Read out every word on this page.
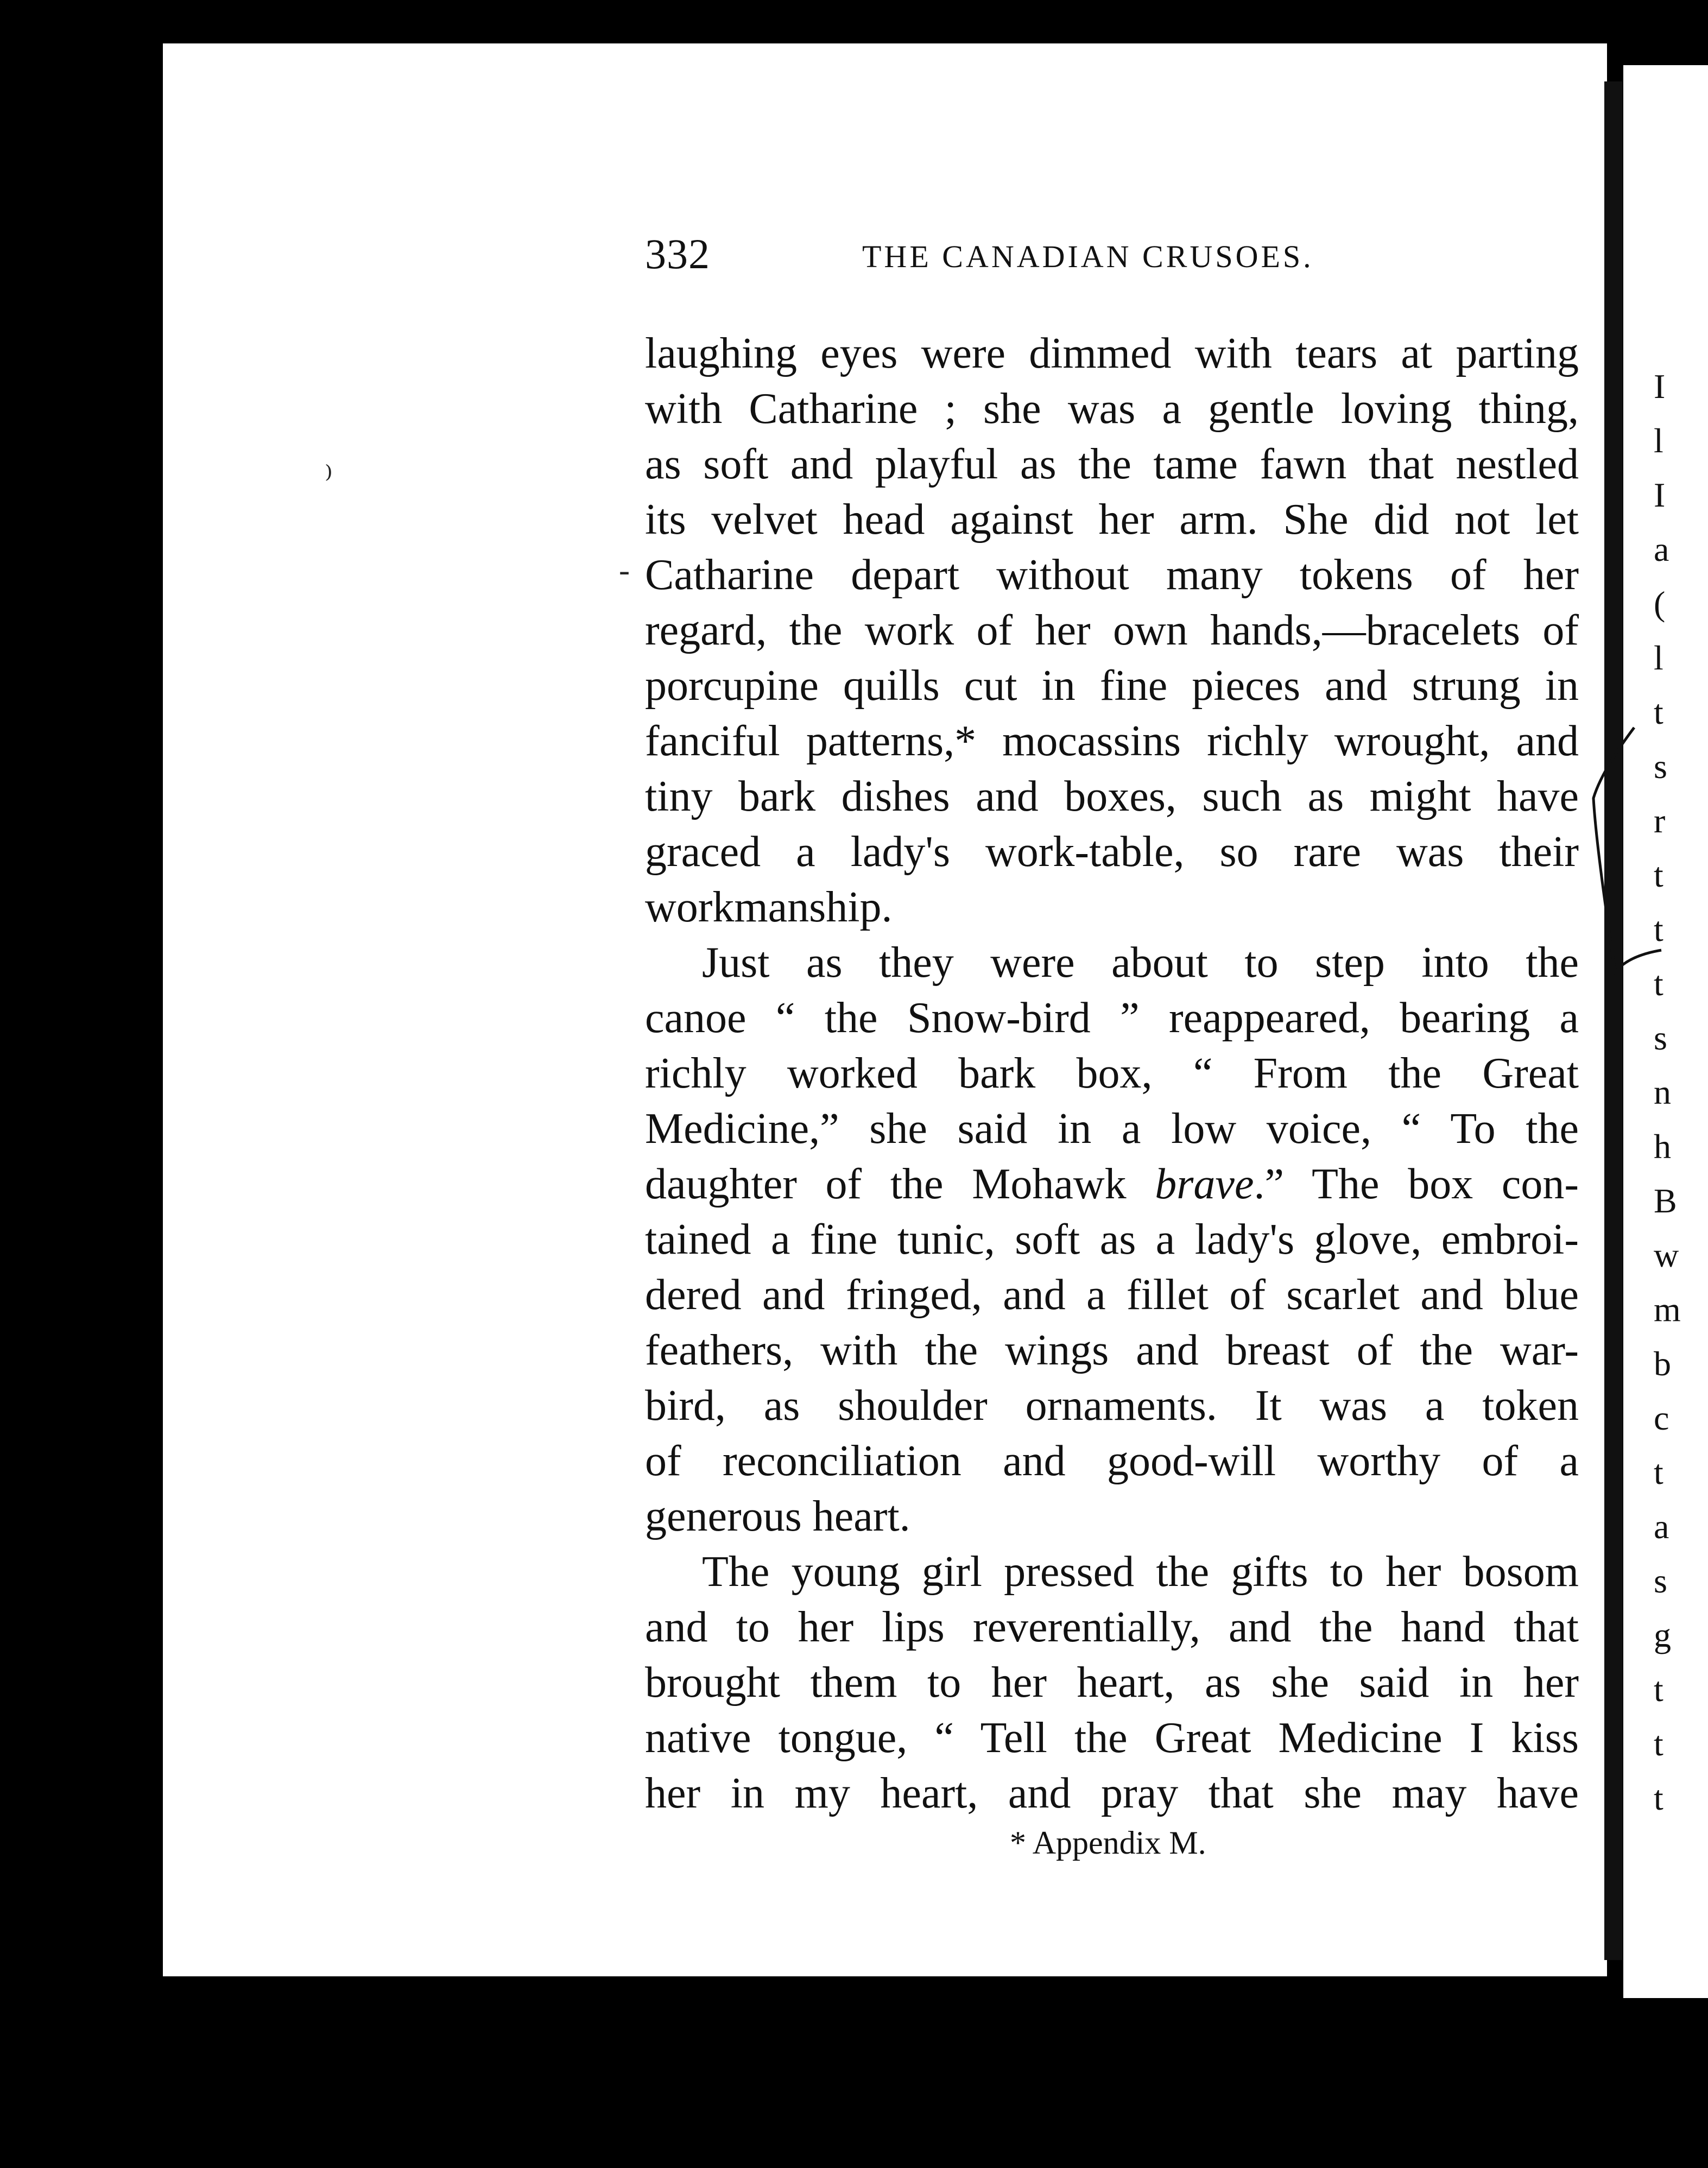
I
l
I
a
(
l
t
s
r
t
t
t
s
n
h
B
w
m
b
c
t
a
s
g
t
t
t
332	THE CANADIAN CRUSOES.
laughing eyes were dimmed with tears at parting
with Catharine ; she was a gentle loving thing,
as soft and playful as the tame fawn that nestled
its velvet head against her arm. She did not let
Catharine depart without many tokens of her
regard, the work of her own hands,—bracelets of
porcupine quills cut in fine pieces and strung in
fanciful patterns,* mocassins richly wrought, and
tiny bark dishes and boxes, such as might have
graced a lady's work-table, so rare was their
workmanship.
Just as they were about to step into the
canoe “ the Snow-bird ” reappeared, bearing a
richly worked bark box, “ From the Great
Medicine,” she said in a low voice, “ To the
daughter of the Mohawk brave.” The box con-
tained a fine tunic, soft as a lady's glove, embroi-
dered and fringed, and a fillet of scarlet and blue
feathers, with the wings and breast of the war-
bird, as shoulder ornaments. It was a token
of reconciliation and good-will worthy of a
generous heart.
The young girl pressed the gifts to her bosom
and to her lips reverentially, and the hand that
brought them to her heart, as she said in her
native tongue, “ Tell the Great Medicine I kiss
her in my heart, and pray that she may have
* Appendix M.
⁾
-
